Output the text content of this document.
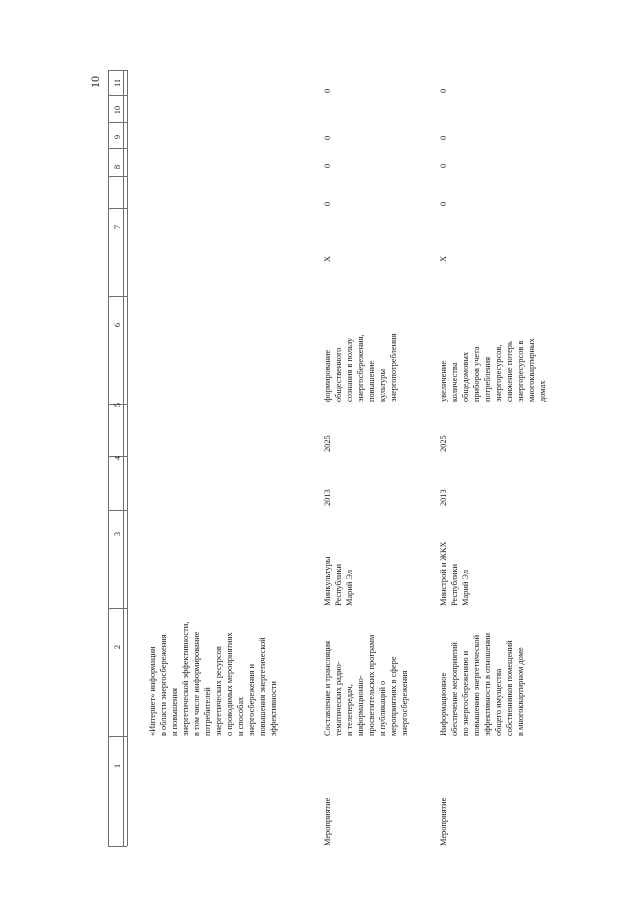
10
1
2
3
4
5
6
7
8
9
10
11
«Интернет» информации в области энергосбережения и повышения энергетической эффективности, в том числе информирование потребителей энергетических ресурсов о проводимых мероприятиях и способах энергосбережения и повышения энергетической эффективности
Мероприятие
Составление и трансляция тематических радио- и телепередач, информационно- просветительских программ и публикаций о мероприятиях в сфере энергосбережения
Минкультуры Республики Марий Эл
2013
2025
формирование общественного сознания в пользу энергосбережения, повышение культуры энергопотребления
X
0
0
0
0
Мероприятие
Информационное обеспечение мероприятий по энергосбережению и повышению энергетической эффективности в отношении общего имущества собственников помещений в многоквартирном доме
Минстрой и ЖКХ Республики Марий Эл
2013
2025
увеличение количества общедомовых приборов учета потребления энергоресурсов, снижение потерь энергоресурсов в многоквартирных домах
X
0
0
0
0
